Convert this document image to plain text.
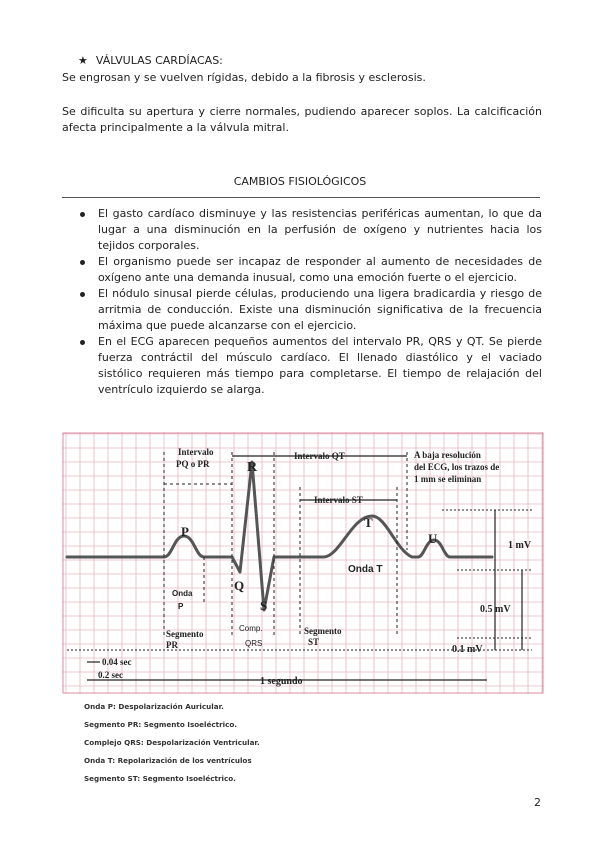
★ VÁLVULAS CARDÍACAS:
Se engrosan y se vuelven rígidas, debido a la fibrosis y esclerosis.
Se dificulta su apertura y cierre normales, pudiendo aparecer soplos. La calcificación afecta principalmente a la válvula mitral.
CAMBIOS FISIOLÓGICOS
El gasto cardíaco disminuye y las resistencias periféricas aumentan, lo que da lugar a una disminución en la perfusión de oxígeno y nutrientes hacia los tejidos corporales.
El organismo puede ser incapaz de responder al aumento de necesidades de oxígeno ante una demanda inusual, como una emoción fuerte o el ejercicio.
El nódulo sinusal pierde células, produciendo una ligera bradicardia y riesgo de arritmia de conducción. Existe una disminución significativa de la frecuencia máxima que puede alcanzarse con el ejercicio.
En el ECG aparecen pequeños aumentos del intervalo PR, QRS y QT. Se pierde fuerza contráctil del músculo cardíaco. El llenado diastólico y el vaciado sistólico requieren más tiempo para completarse. El tiempo de relajación del ventrículo izquierdo se alarga.
Intervalo
PQ o PR
Intervalo QT
Intervalo ST
A baja resolución
del ECG, los trazos de
1 mm se eliminan
P
Q
R
S
T
U
Onda T
Onda
P
Segmento
PR
Comp.
QRS
Segmento
ST
1 mV
0.5 mV
0.1 mV
0.04 sec
0.2 sec
1 segundo
Onda P: Despolarización Auricular.
Segmento PR: Segmento Isoeléctrico.
Complejo QRS: Despolarización Ventricular.
Onda T: Repolarización de los ventrículos
Segmento ST: Segmento Isoeléctrico.
2
